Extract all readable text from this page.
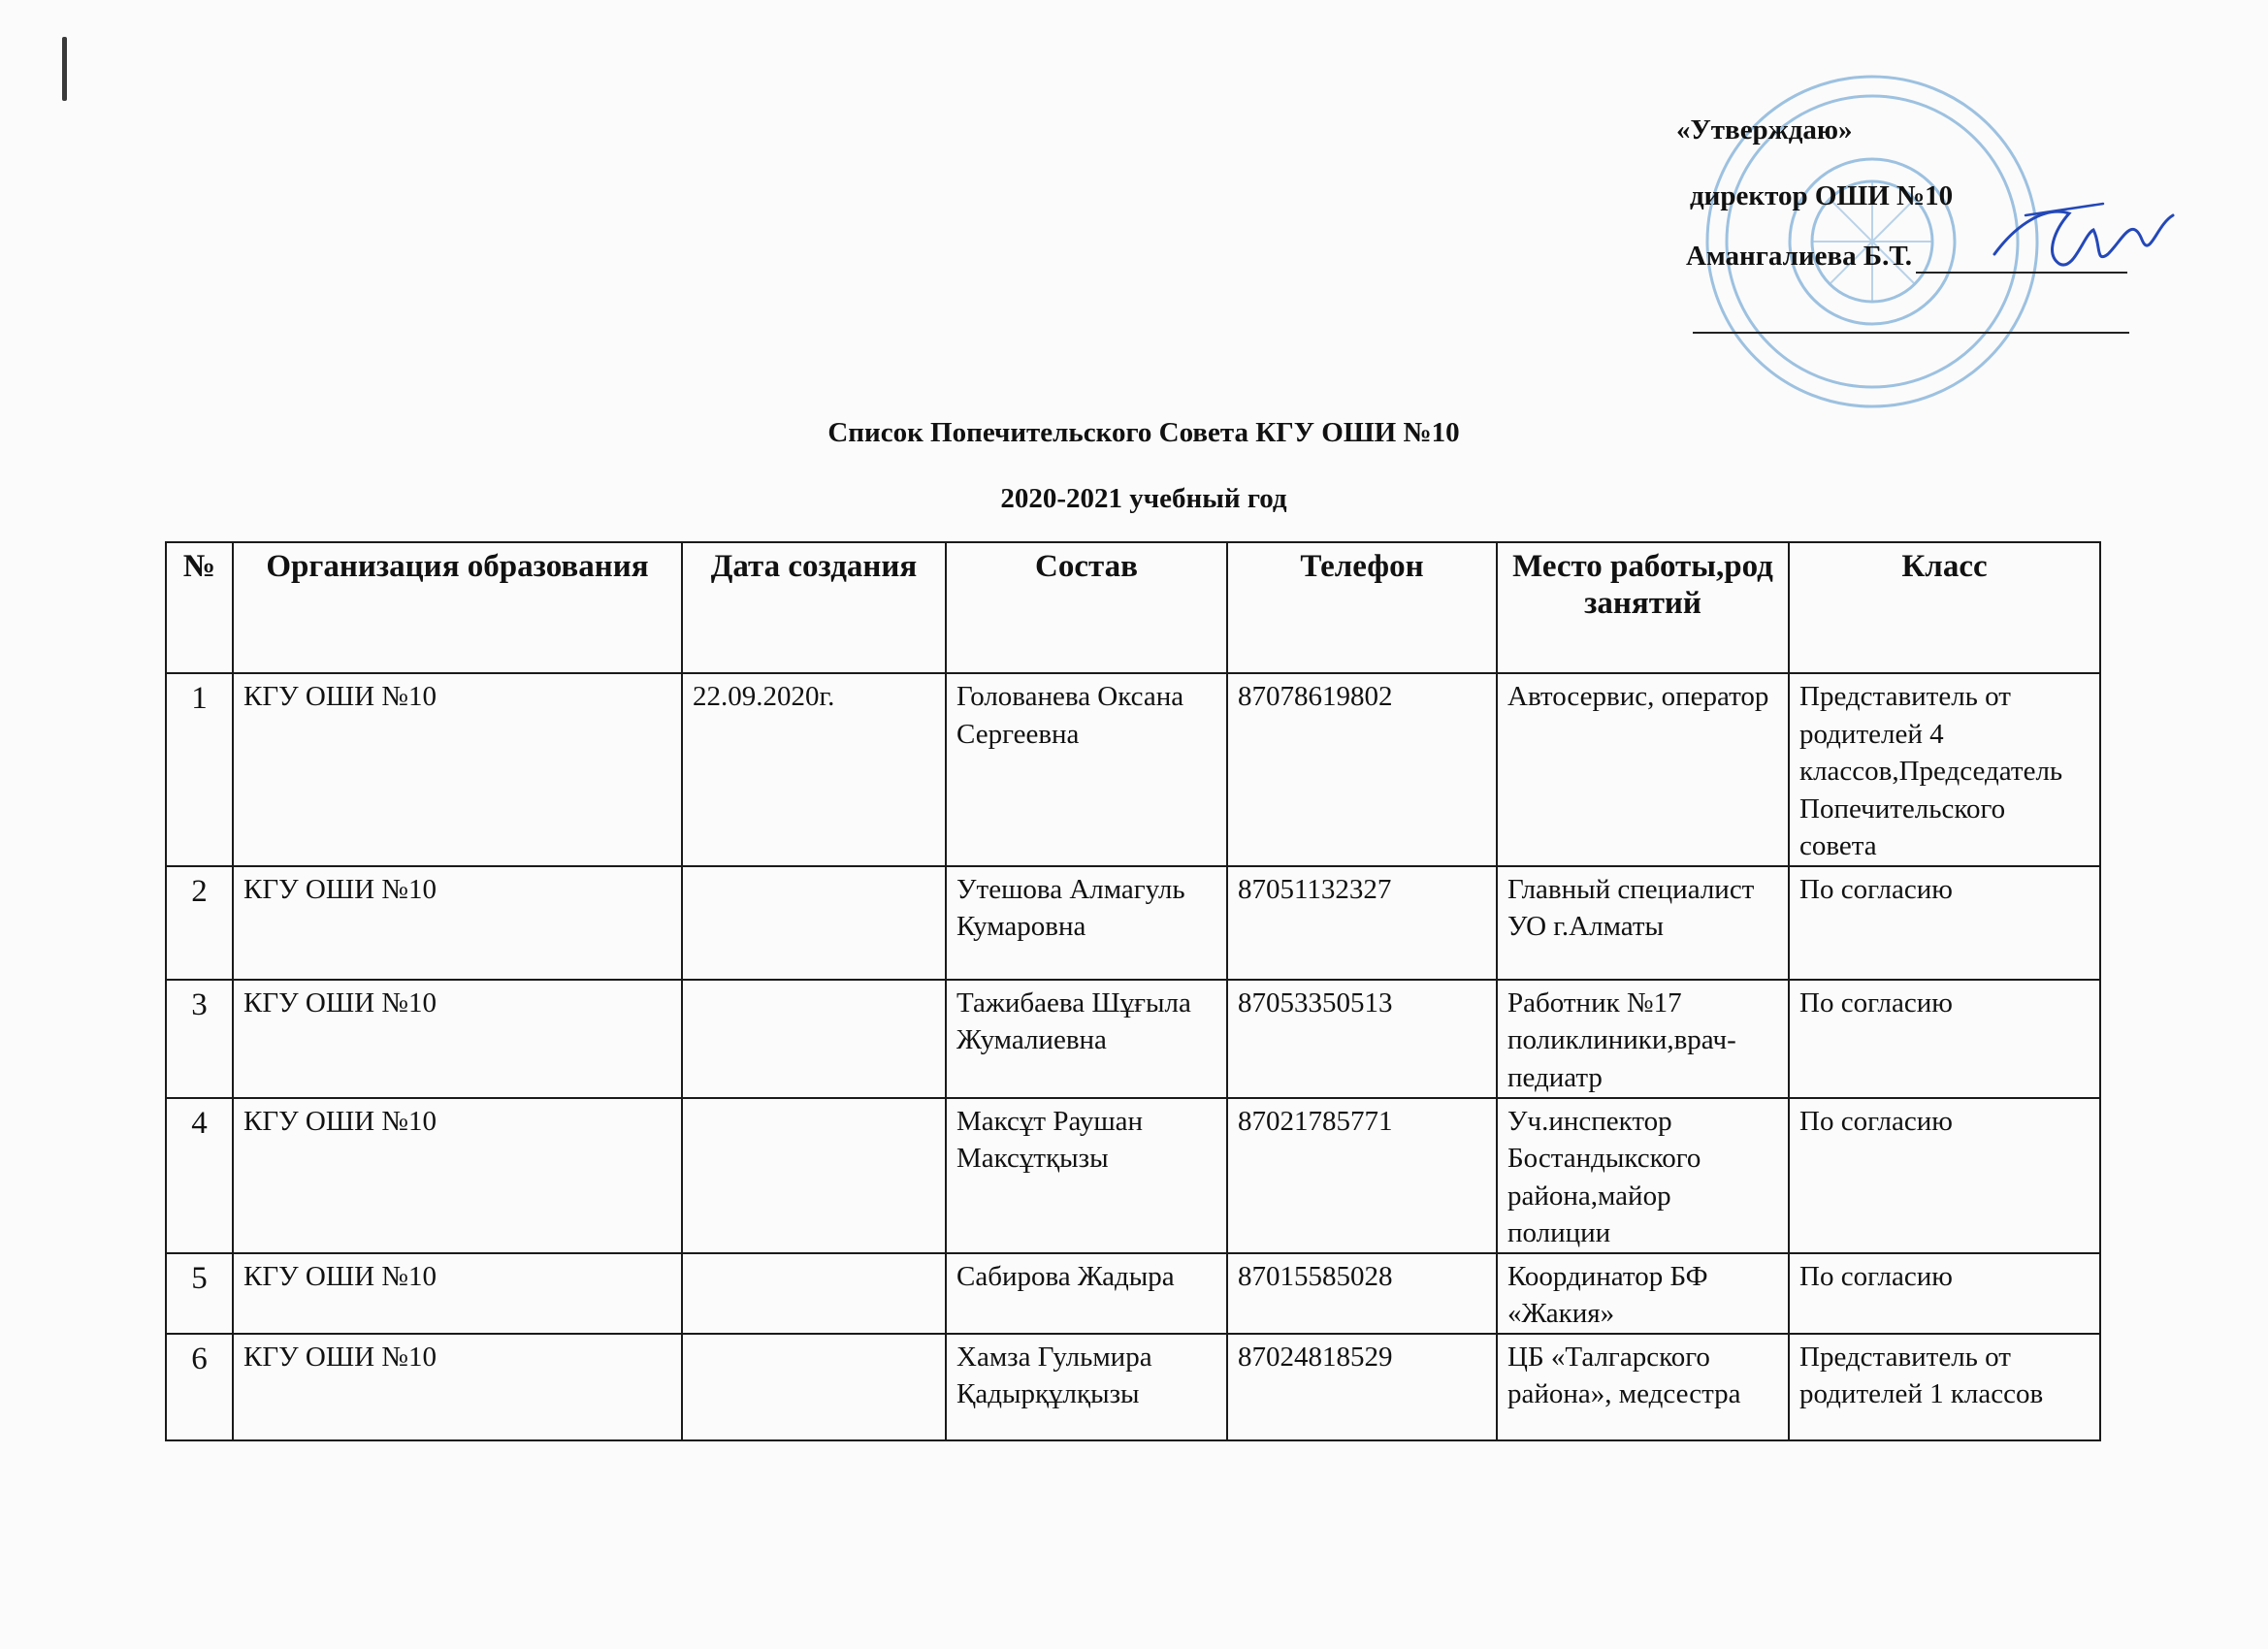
«Утверждаю»
директор ОШИ №10
Амангалиева Б.Т.
Список Попечительского Совета КГУ ОШИ №10
2020-2021 учебный год
№	Организация образования	Дата создания	Состав	Телефон	Место работы,род занятий	Класс
1	КГУ ОШИ №10	22.09.2020г.	Голованева Оксана Сергеевна	87078619802	Автосервис, оператор	Представитель от родителей 4 классов,Председатель Попечительского совета
2	КГУ ОШИ №10		Утешова Алмагуль Кумаровна	87051132327	Главный специалист УО г.Алматы	По согласию
3	КГУ ОШИ №10		Тажибаева Шұғыла Жумалиевна	87053350513	Работник №17 поликлиники,врач-педиатр	По согласию
4	КГУ ОШИ №10		Максұт Раушан Максұтқызы	87021785771	Уч.инспектор Бостандыкского района,майор полиции	По согласию
5	КГУ ОШИ №10		Сабирова Жадыра	87015585028	Координатор БФ «Жакия»	По согласию
6	КГУ ОШИ №10		Хамза Гульмира Қадырқұлқызы	87024818529	ЦБ «Талгарского района», медсестра	Представитель от родителей 1 классов
